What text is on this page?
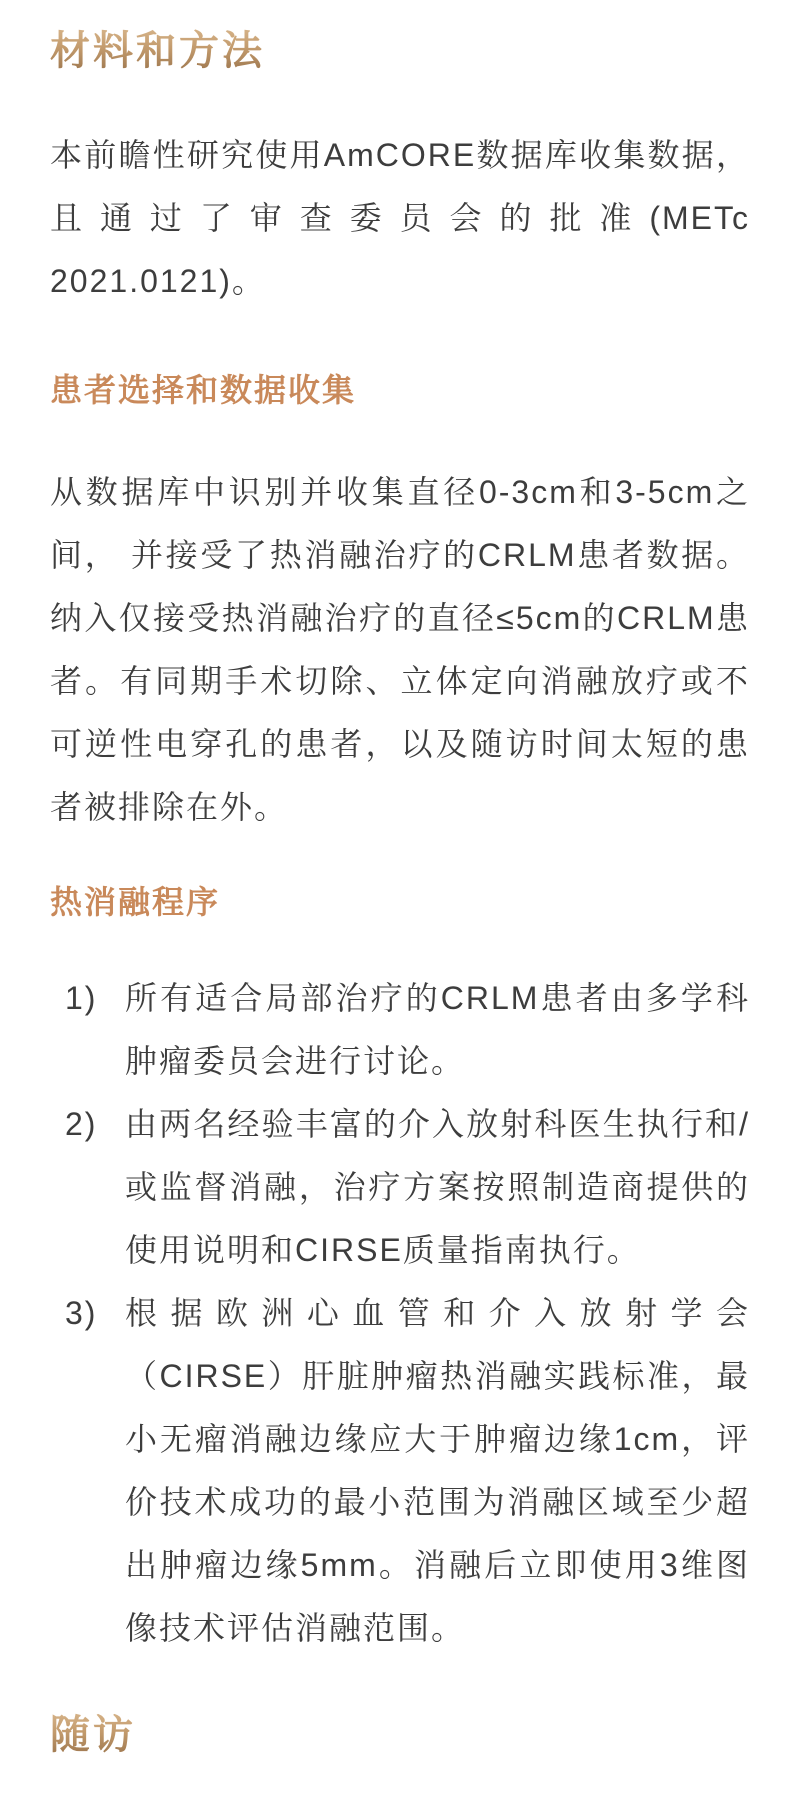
材料和方法

本前瞻性研究使用AmCORE数据库收集数据，且通过了审查委员会的批准(METc 2021.0121)。

患者选择和数据收集

从数据库中识别并收集直径0-3cm和3-5cm之间， 并接受了热消融治疗的CRLM患者数据。纳入仅接受热消融治疗的直径≤5cm的CRLM患者。有同期手术切除、立体定向消融放疗或不可逆性电穿孔的患者，以及随访时间太短的患者被排除在外。

热消融程序
1) 所有适合局部治疗的CRLM患者由多学科肿瘤委员会进行讨论。

2) 由两名经验丰富的介入放射科医生执行和/或监督消融，治疗方案按照制造商提供的使用说明和CIRSE质量指南执行。

3) 根据欧洲心血管和介入放射学会（CIRSE）肝脏肿瘤热消融实践标准，最小无瘤消融边缘应大于肿瘤边缘1cm，评价技术成功的最小范围为消融区域至少超出肿瘤边缘5mm。消融后立即使用3维图像技术评估消融范围。

随访
